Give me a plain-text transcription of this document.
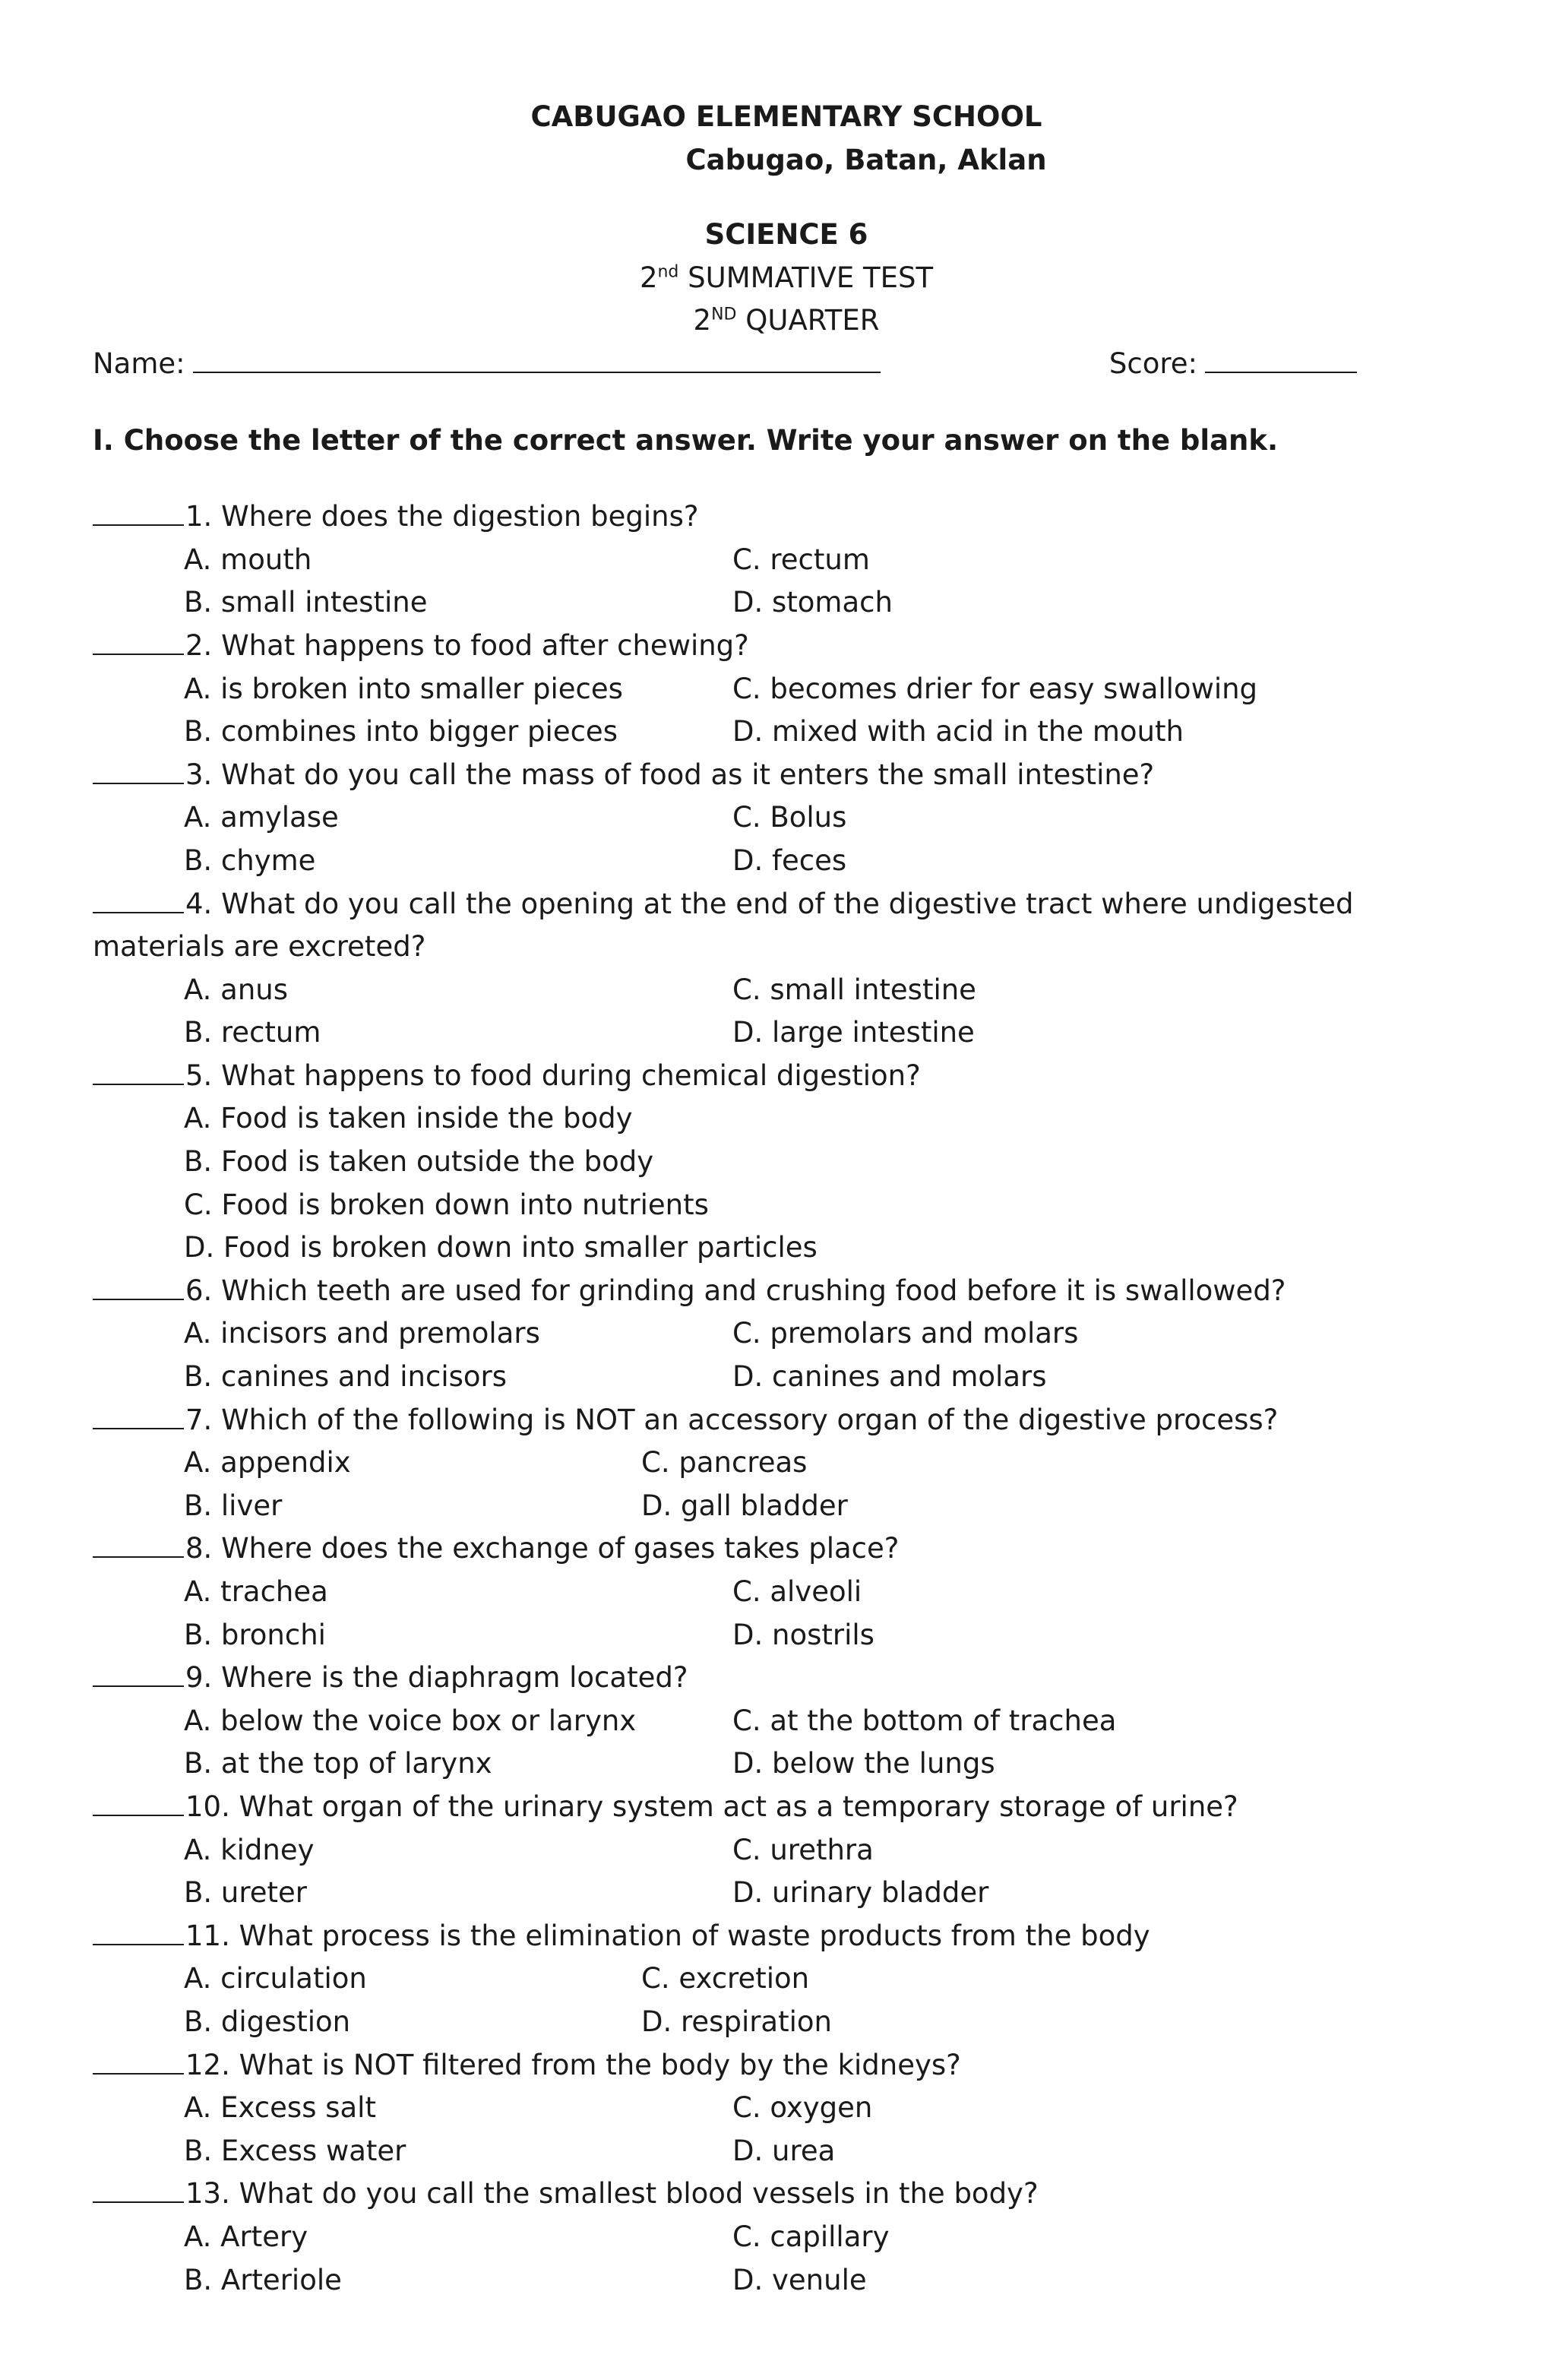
CABUGAO ELEMENTARY SCHOOL
Cabugao, Batan, Aklan
SCIENCE 6
2nd SUMMATIVE TEST
2ND QUARTER
Name:	Score:
I. Choose the letter of the correct answer. Write your answer on the blank.
1. Where does the digestion begins?
A. mouth	C. rectum
B. small intestine	D. stomach
2. What happens to food after chewing?
A. is broken into smaller pieces	C. becomes drier for easy swallowing
B. combines into bigger pieces	D. mixed with acid in the mouth
3. What do you call the mass of food as it enters the small intestine?
A. amylase	C. Bolus
B. chyme	D. feces
4. What do you call the opening at the end of the digestive tract where undigested
materials are excreted?
A. anus	C. small intestine
B. rectum	D. large intestine
5. What happens to food during chemical digestion?
A. Food is taken inside the body
B. Food is taken outside the body
C. Food is broken down into nutrients
D. Food is broken down into smaller particles
6. Which teeth are used for grinding and crushing food before it is swallowed?
A. incisors and premolars	C. premolars and molars
B. canines and incisors	D. canines and molars
7. Which of the following is NOT an accessory organ of the digestive process?
A. appendix	C. pancreas
B. liver	D. gall bladder
8. Where does the exchange of gases takes place?
A. trachea	C. alveoli
B. bronchi	D. nostrils
9. Where is the diaphragm located?
A. below the voice box or larynx	C. at the bottom of trachea
B. at the top of larynx	D. below the lungs
10. What organ of the urinary system act as a temporary storage of urine?
A. kidney	C. urethra
B. ureter	D. urinary bladder
11. What process is the elimination of waste products from the body
A. circulation	C. excretion
B. digestion	D. respiration
12. What is NOT filtered from the body by the kidneys?
A. Excess salt	C. oxygen
B. Excess water	D. urea
13. What do you call the smallest blood vessels in the body?
A. Artery	C. capillary
B. Arteriole	D. venule
